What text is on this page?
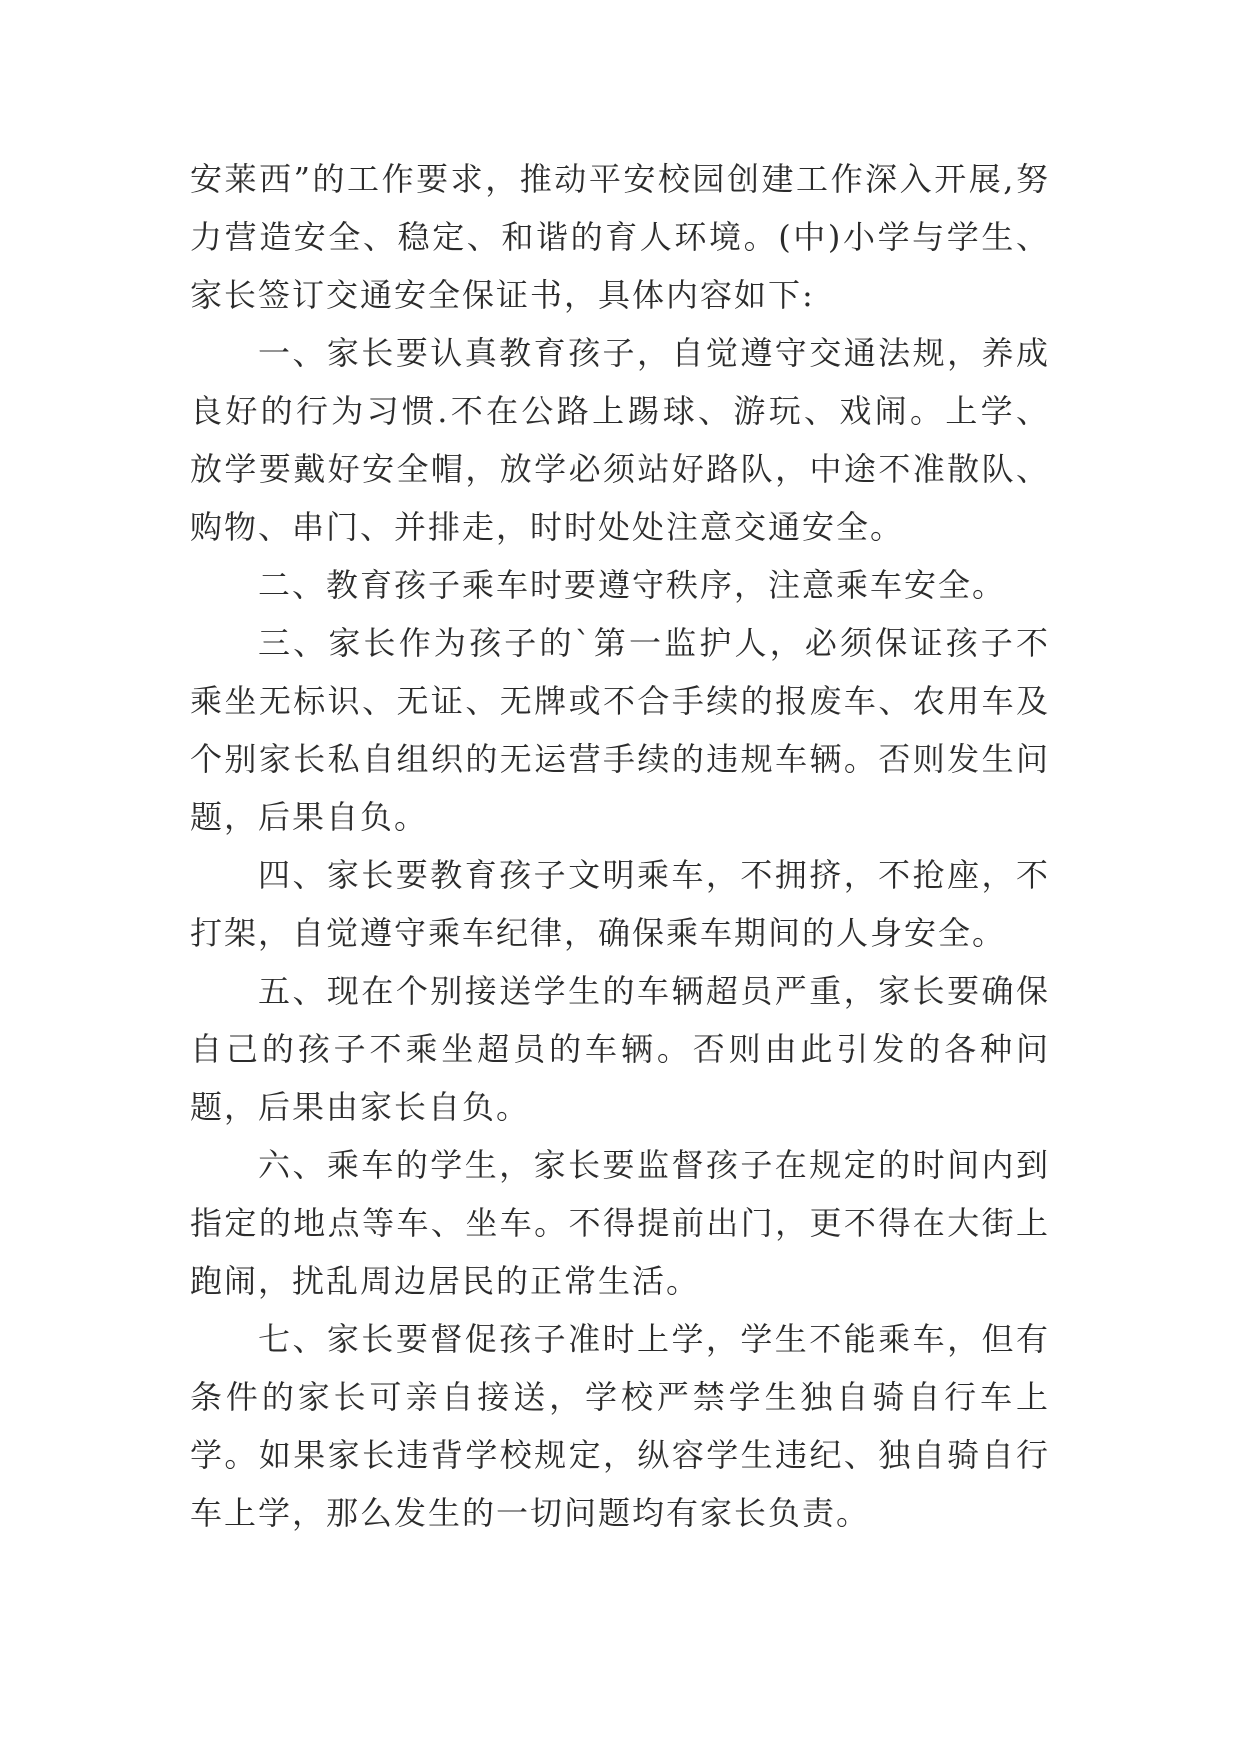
安莱西”的工作要求，推动平安校园创建工作深入开展,努力营造安全、稳定、和谐的育人环境。(中)小学与学生、家长签订交通安全保证书，具体内容如下:

一、家长要认真教育孩子，自觉遵守交通法规，养成良好的行为习惯.不在公路上踢球、游玩、戏闹。上学、放学要戴好安全帽，放学必须站好路队，中途不准散队、购物、串门、并排走，时时处处注意交通安全。

二、教育孩子乘车时要遵守秩序，注意乘车安全。

三、家长作为孩子的`第一监护人，必须保证孩子不乘坐无标识、无证、无牌或不合手续的报废车、农用车及个别家长私自组织的无运营手续的违规车辆。否则发生问题，后果自负。

四、家长要教育孩子文明乘车，不拥挤，不抢座，不打架，自觉遵守乘车纪律，确保乘车期间的人身安全。

五、现在个别接送学生的车辆超员严重，家长要确保自己的孩子不乘坐超员的车辆。否则由此引发的各种问题，后果由家长自负。

六、乘车的学生，家长要监督孩子在规定的时间内到指定的地点等车、坐车。不得提前出门，更不得在大街上跑闹，扰乱周边居民的正常生活。

七、家长要督促孩子准时上学，学生不能乘车，但有条件的家长可亲自接送，学校严禁学生独自骑自行车上学。如果家长违背学校规定，纵容学生违纪、独自骑自行车上学，那么发生的一切问题均有家长负责。
